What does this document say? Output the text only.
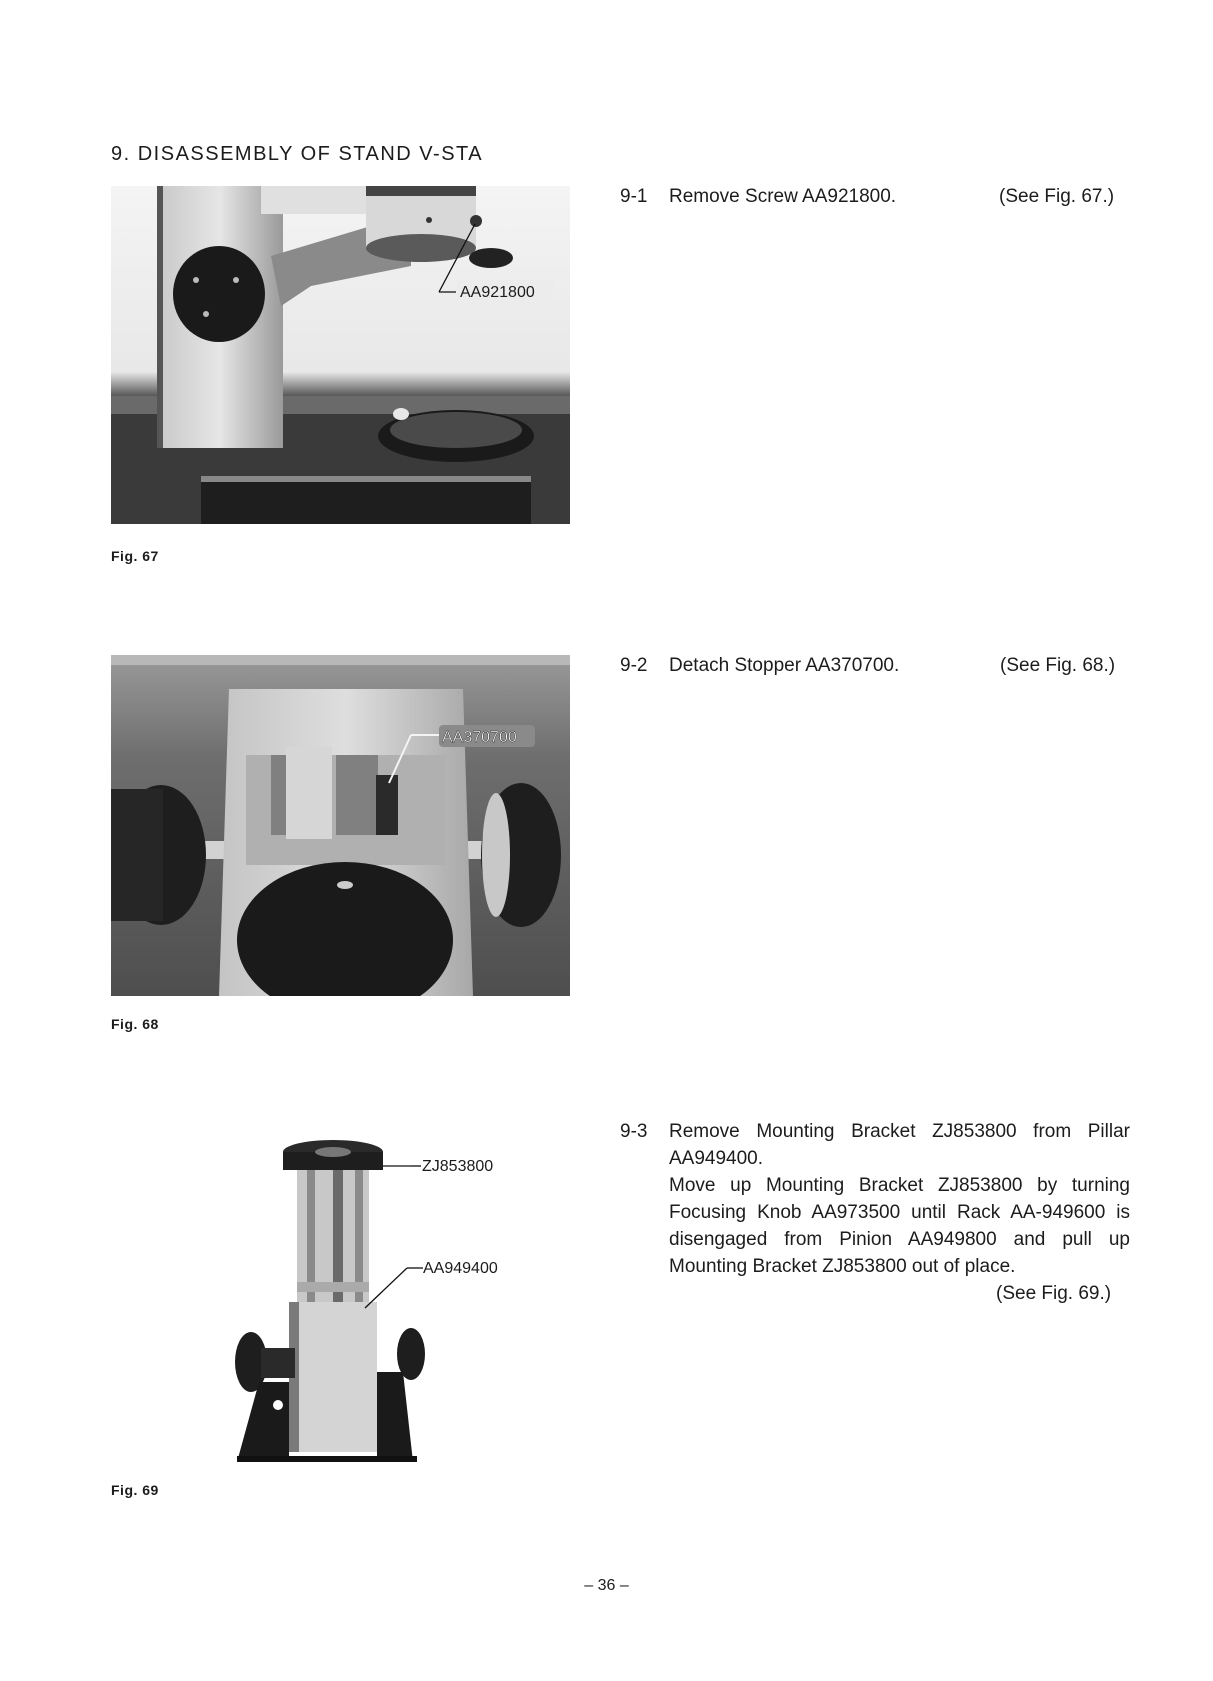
9. DISASSEMBLY OF STAND V-STA
AA921800
Fig. 67
9-1 Remove Screw AA921800.	(See Fig. 67.)
AA370700
Fig. 68
9-2 Detach Stopper AA370700.	(See Fig. 68.)
ZJ853800
AA949400
Fig. 69
9-3 Remove Mounting Bracket ZJ853800 from Pillar AA949400.

Move up Mounting Bracket ZJ853800 by turning Focusing Knob AA973500 until Rack AA-949600 is disengaged from Pinion AA949800 and pull up Mounting Bracket ZJ853800 out of place.

(See Fig. 69.)
– 36 –
